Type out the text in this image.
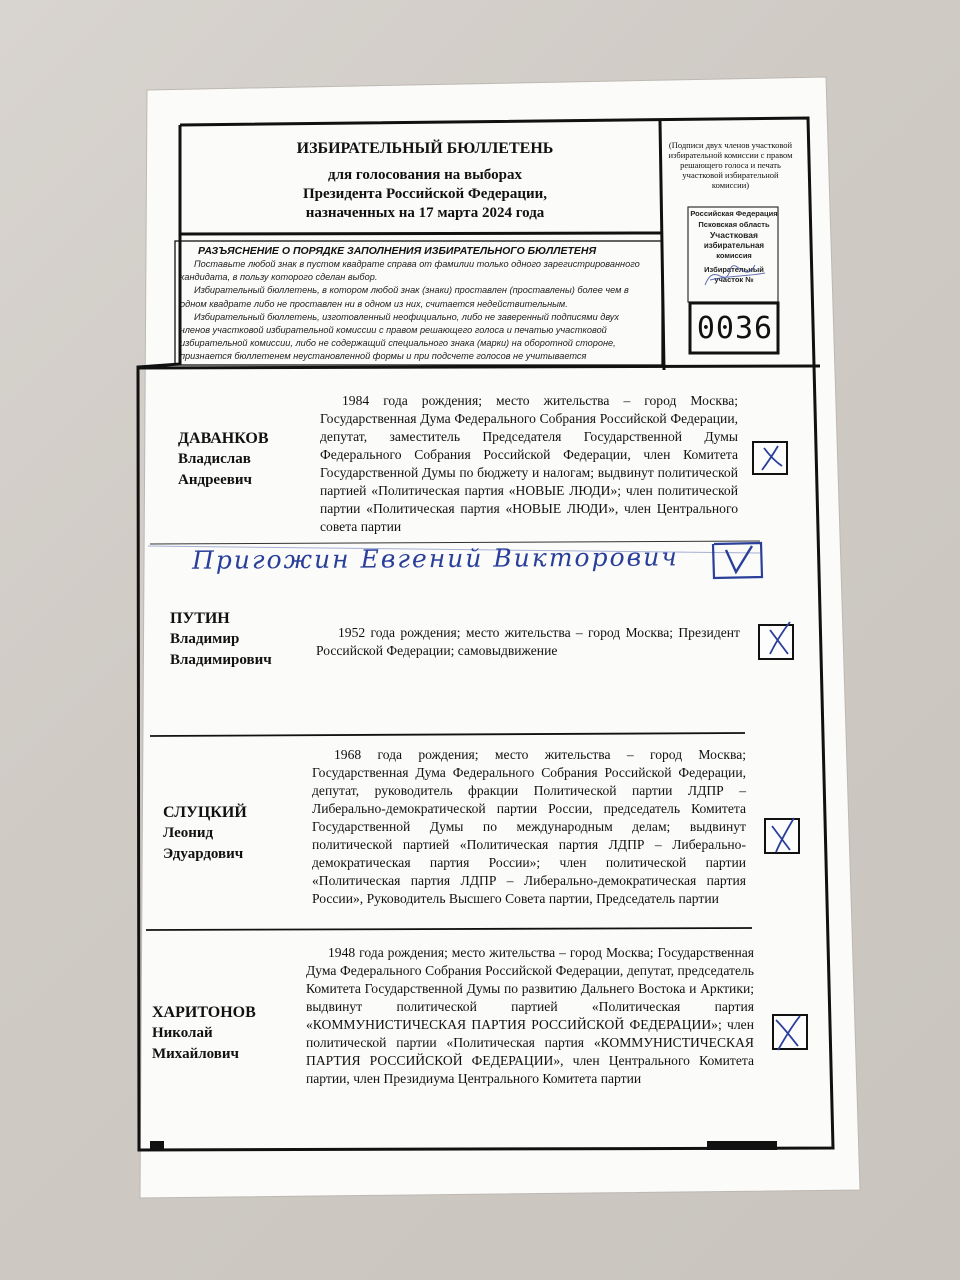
ИЗБИРАТЕЛЬНЫЙ БЮЛЛЕТЕНЬ
для голосования на выборах
Президента Российской Федерации,
назначенных на 17 марта 2024 года
(Подписи двух членов участковой избирательной комиссии с правом решающего голоса и печать участковой избирательной комиссии)
Российская Федерация
Псковская область
Участковая
избирательная
комиссия
Избирательный
участок №
0036
РАЗЪЯСНЕНИЕ О ПОРЯДКЕ ЗАПОЛНЕНИЯ ИЗБИРАТЕЛЬНОГО БЮЛЛЕТЕНЯ
Поставьте любой знак в пустом квадрате справа от фамилии только одного зарегистрированного
кандидата, в пользу которого сделан выбор.
Избирательный бюллетень, в котором любой знак (знаки) проставлен (проставлены) более чем в
одном квадрате либо не проставлен ни в одном из них, считается недействительным.
Избирательный бюллетень, изготовленный неофициально, либо не заверенный подписями двух
членов участковой избирательной комиссии с правом решающего голоса и печатью участковой
избирательной комиссии, либо не содержащий специального знака (марки) на оборотной стороне,
признается бюллетенем неустановленной формы и при подсчете голосов не учитывается
ДАВАНКОВ
Владислав
Андреевич
1984 года рождения; место жительства – город Москва; Государственная Дума Федерального Собрания Российской Федерации, депутат, заместитель Председателя Государственной Думы Федерального Собрания Российской Федерации, член Комитета Государственной Думы по бюджету и налогам; выдвинут политической партией «Политическая партия «НОВЫЕ ЛЮДИ»; член политической партии «Политическая партия «НОВЫЕ ЛЮДИ», член Центрального совета партии
Пригожин Евгений Викторович
ПУТИН
Владимир
Владимирович
1952 года рождения; место жительства – город Москва; Президент Российской Федерации; самовыдвижение
СЛУЦКИЙ
Леонид
Эдуардович
1968 года рождения; место жительства – город Москва; Государственная Дума Федерального Собрания Российской Федерации, депутат, руководитель фракции Политической партии ЛДПР – Либерально-демократической партии России, председатель Комитета Государственной Думы по международным делам; выдвинут политической партией «Политическая партия ЛДПР – Либерально-демократическая партия России»; член политической партии «Политическая партия ЛДПР – Либерально-демократическая партия России», Руководитель Высшего Совета партии, Председатель партии
ХАРИТОНОВ
Николай
Михайлович
1948 года рождения; место жительства – город Москва; Государственная Дума Федерального Собрания Российской Федерации, депутат, председатель Комитета Государственной Думы по развитию Дальнего Востока и Арктики; выдвинут политической партией «Политическая партия «КОММУНИСТИЧЕСКАЯ ПАРТИЯ РОССИЙСКОЙ ФЕДЕРАЦИИ»; член политической партии «Политическая партия «КОММУНИСТИЧЕСКАЯ ПАРТИЯ РОССИЙСКОЙ ФЕДЕРАЦИИ», член Центрального Комитета партии, член Президиума Центрального Комитета партии
